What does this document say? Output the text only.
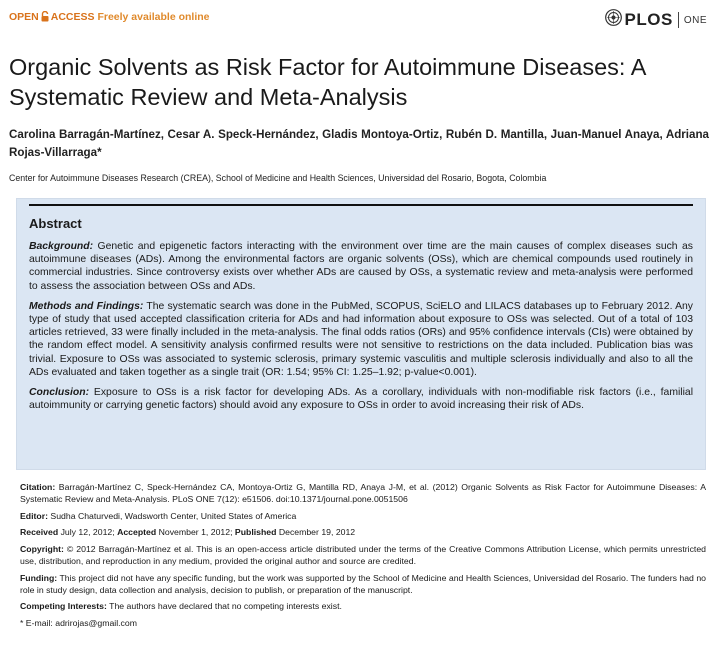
OPEN ACCESS Freely available online	PLOS ONE
Organic Solvents as Risk Factor for Autoimmune Diseases: A Systematic Review and Meta-Analysis
Carolina Barragán-Martínez, Cesar A. Speck-Hernández, Gladis Montoya-Ortiz, Rubén D. Mantilla, Juan-Manuel Anaya, Adriana Rojas-Villarraga*
Center for Autoimmune Diseases Research (CREA), School of Medicine and Health Sciences, Universidad del Rosario, Bogota, Colombia
Abstract

Background: Genetic and epigenetic factors interacting with the environment over time are the main causes of complex diseases such as autoimmune diseases (ADs). Among the environmental factors are organic solvents (OSs), which are chemical compounds used routinely in commercial industries. Since controversy exists over whether ADs are caused by OSs, a systematic review and meta-analysis were performed to assess the association between OSs and ADs.

Methods and Findings: The systematic search was done in the PubMed, SCOPUS, SciELO and LILACS databases up to February 2012. Any type of study that used accepted classification criteria for ADs and had information about exposure to OSs was selected. Out of a total of 103 articles retrieved, 33 were finally included in the meta-analysis. The final odds ratios (ORs) and 95% confidence intervals (CIs) were obtained by the random effect model. A sensitivity analysis confirmed results were not sensitive to restrictions on the data included. Publication bias was trivial. Exposure to OSs was associated to systemic sclerosis, primary systemic vasculitis and multiple sclerosis individually and also to all the ADs evaluated and taken together as a single trait (OR: 1.54; 95% CI: 1.25–1.92; p-value<0.001).

Conclusion: Exposure to OSs is a risk factor for developing ADs. As a corollary, individuals with non-modifiable risk factors (i.e., familial autoimmunity or carrying genetic factors) should avoid any exposure to OSs in order to avoid increasing their risk of ADs.

Citation: Barragán-Martínez C, Speck-Hernández CA, Montoya-Ortiz G, Mantilla RD, Anaya J-M, et al. (2012) Organic Solvents as Risk Factor for Autoimmune Diseases: A Systematic Review and Meta-Analysis. PLoS ONE 7(12): e51506. doi:10.1371/journal.pone.0051506
Editor: Sudha Chaturvedi, Wadsworth Center, United States of America
Received July 12, 2012; Accepted November 1, 2012; Published December 19, 2012
Copyright: © 2012 Barragán-Martínez et al. This is an open-access article distributed under the terms of the Creative Commons Attribution License, which permits unrestricted use, distribution, and reproduction in any medium, provided the original author and source are credited.
Funding: This project did not have any specific funding, but the work was supported by the School of Medicine and Health Sciences, Universidad del Rosario. The funders had no role in study design, data collection and analysis, decision to publish, or preparation of the manuscript.
Competing Interests: The authors have declared that no competing interests exist.
* E-mail: adrirojas@gmail.com
